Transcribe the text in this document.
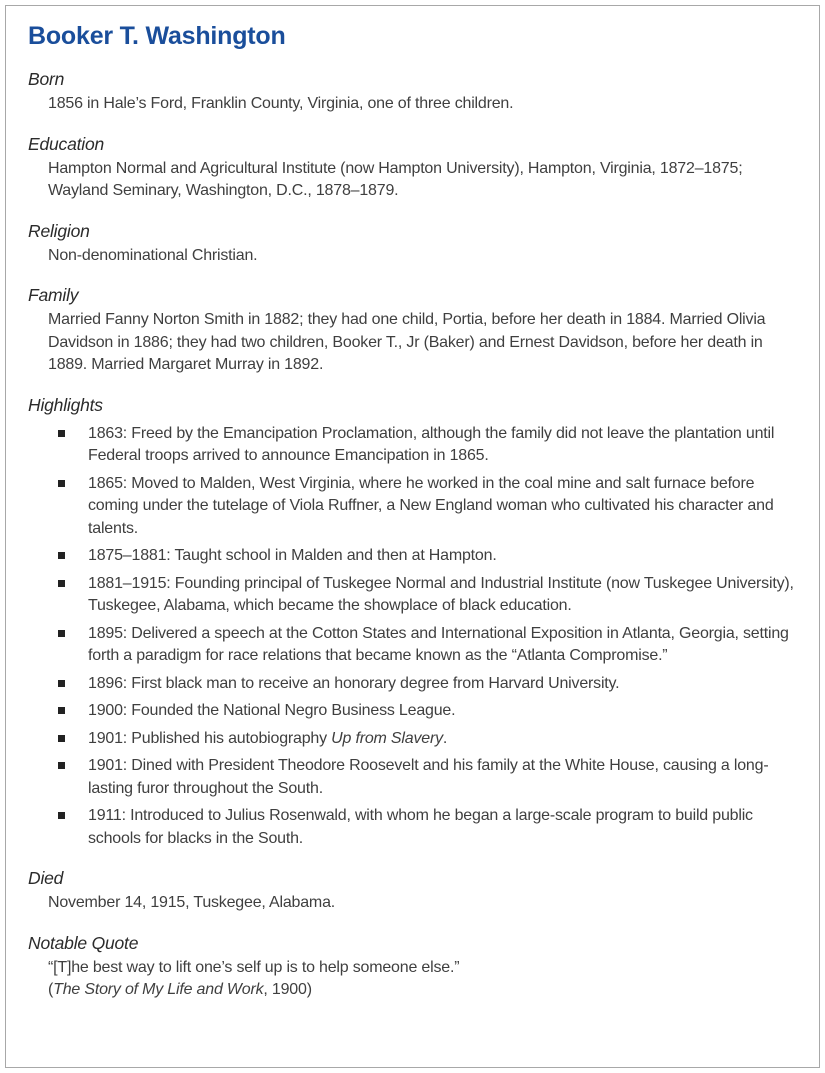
Booker T. Washington
Born

1856 in Hale’s Ford, Franklin County, Virginia, one of three children.

Education

Hampton Normal and Agricultural Institute (now Hampton University), Hampton, Virginia, 1872–1875; Wayland Seminary, Washington, D.C., 1878–1879.

Religion

Non-denominational Christian.

Family

Married Fanny Norton Smith in 1882; they had one child, Portia, before her death in 1884. Married Olivia Davidson in 1886; they had two children, Booker T., Jr (Baker) and Ernest Davidson, before her death in 1889. Married Margaret Murray in 1892.

Highlights
1863: Freed by the Emancipation Proclamation, although the family did not leave the plantation until Federal troops arrived to announce Emancipation in 1865.
1865: Moved to Malden, West Virginia, where he worked in the coal mine and salt furnace before coming under the tutelage of Viola Ruffner, a New England woman who cultivated his character and talents.
1875–1881: Taught school in Malden and then at Hampton.
1881–1915: Founding principal of Tuskegee Normal and Industrial Institute (now Tuskegee University), Tuskegee, Alabama, which became the showplace of black education.
1895: Delivered a speech at the Cotton States and International Exposition in Atlanta, Georgia, setting forth a paradigm for race relations that became known as the “Atlanta Compromise.”
1896: First black man to receive an honorary degree from Harvard University.
1900: Founded the National Negro Business League.
1901: Published his autobiography Up from Slavery.
1901: Dined with President Theodore Roosevelt and his family at the White House, causing a long-lasting furor throughout the South.
1911: Introduced to Julius Rosenwald, with whom he began a large-scale program to build public schools for blacks in the South.
Died

November 14, 1915, Tuskegee, Alabama.

Notable Quote

“[T]he best way to lift one’s self up is to help someone else.”

(The Story of My Life and Work, 1900)
